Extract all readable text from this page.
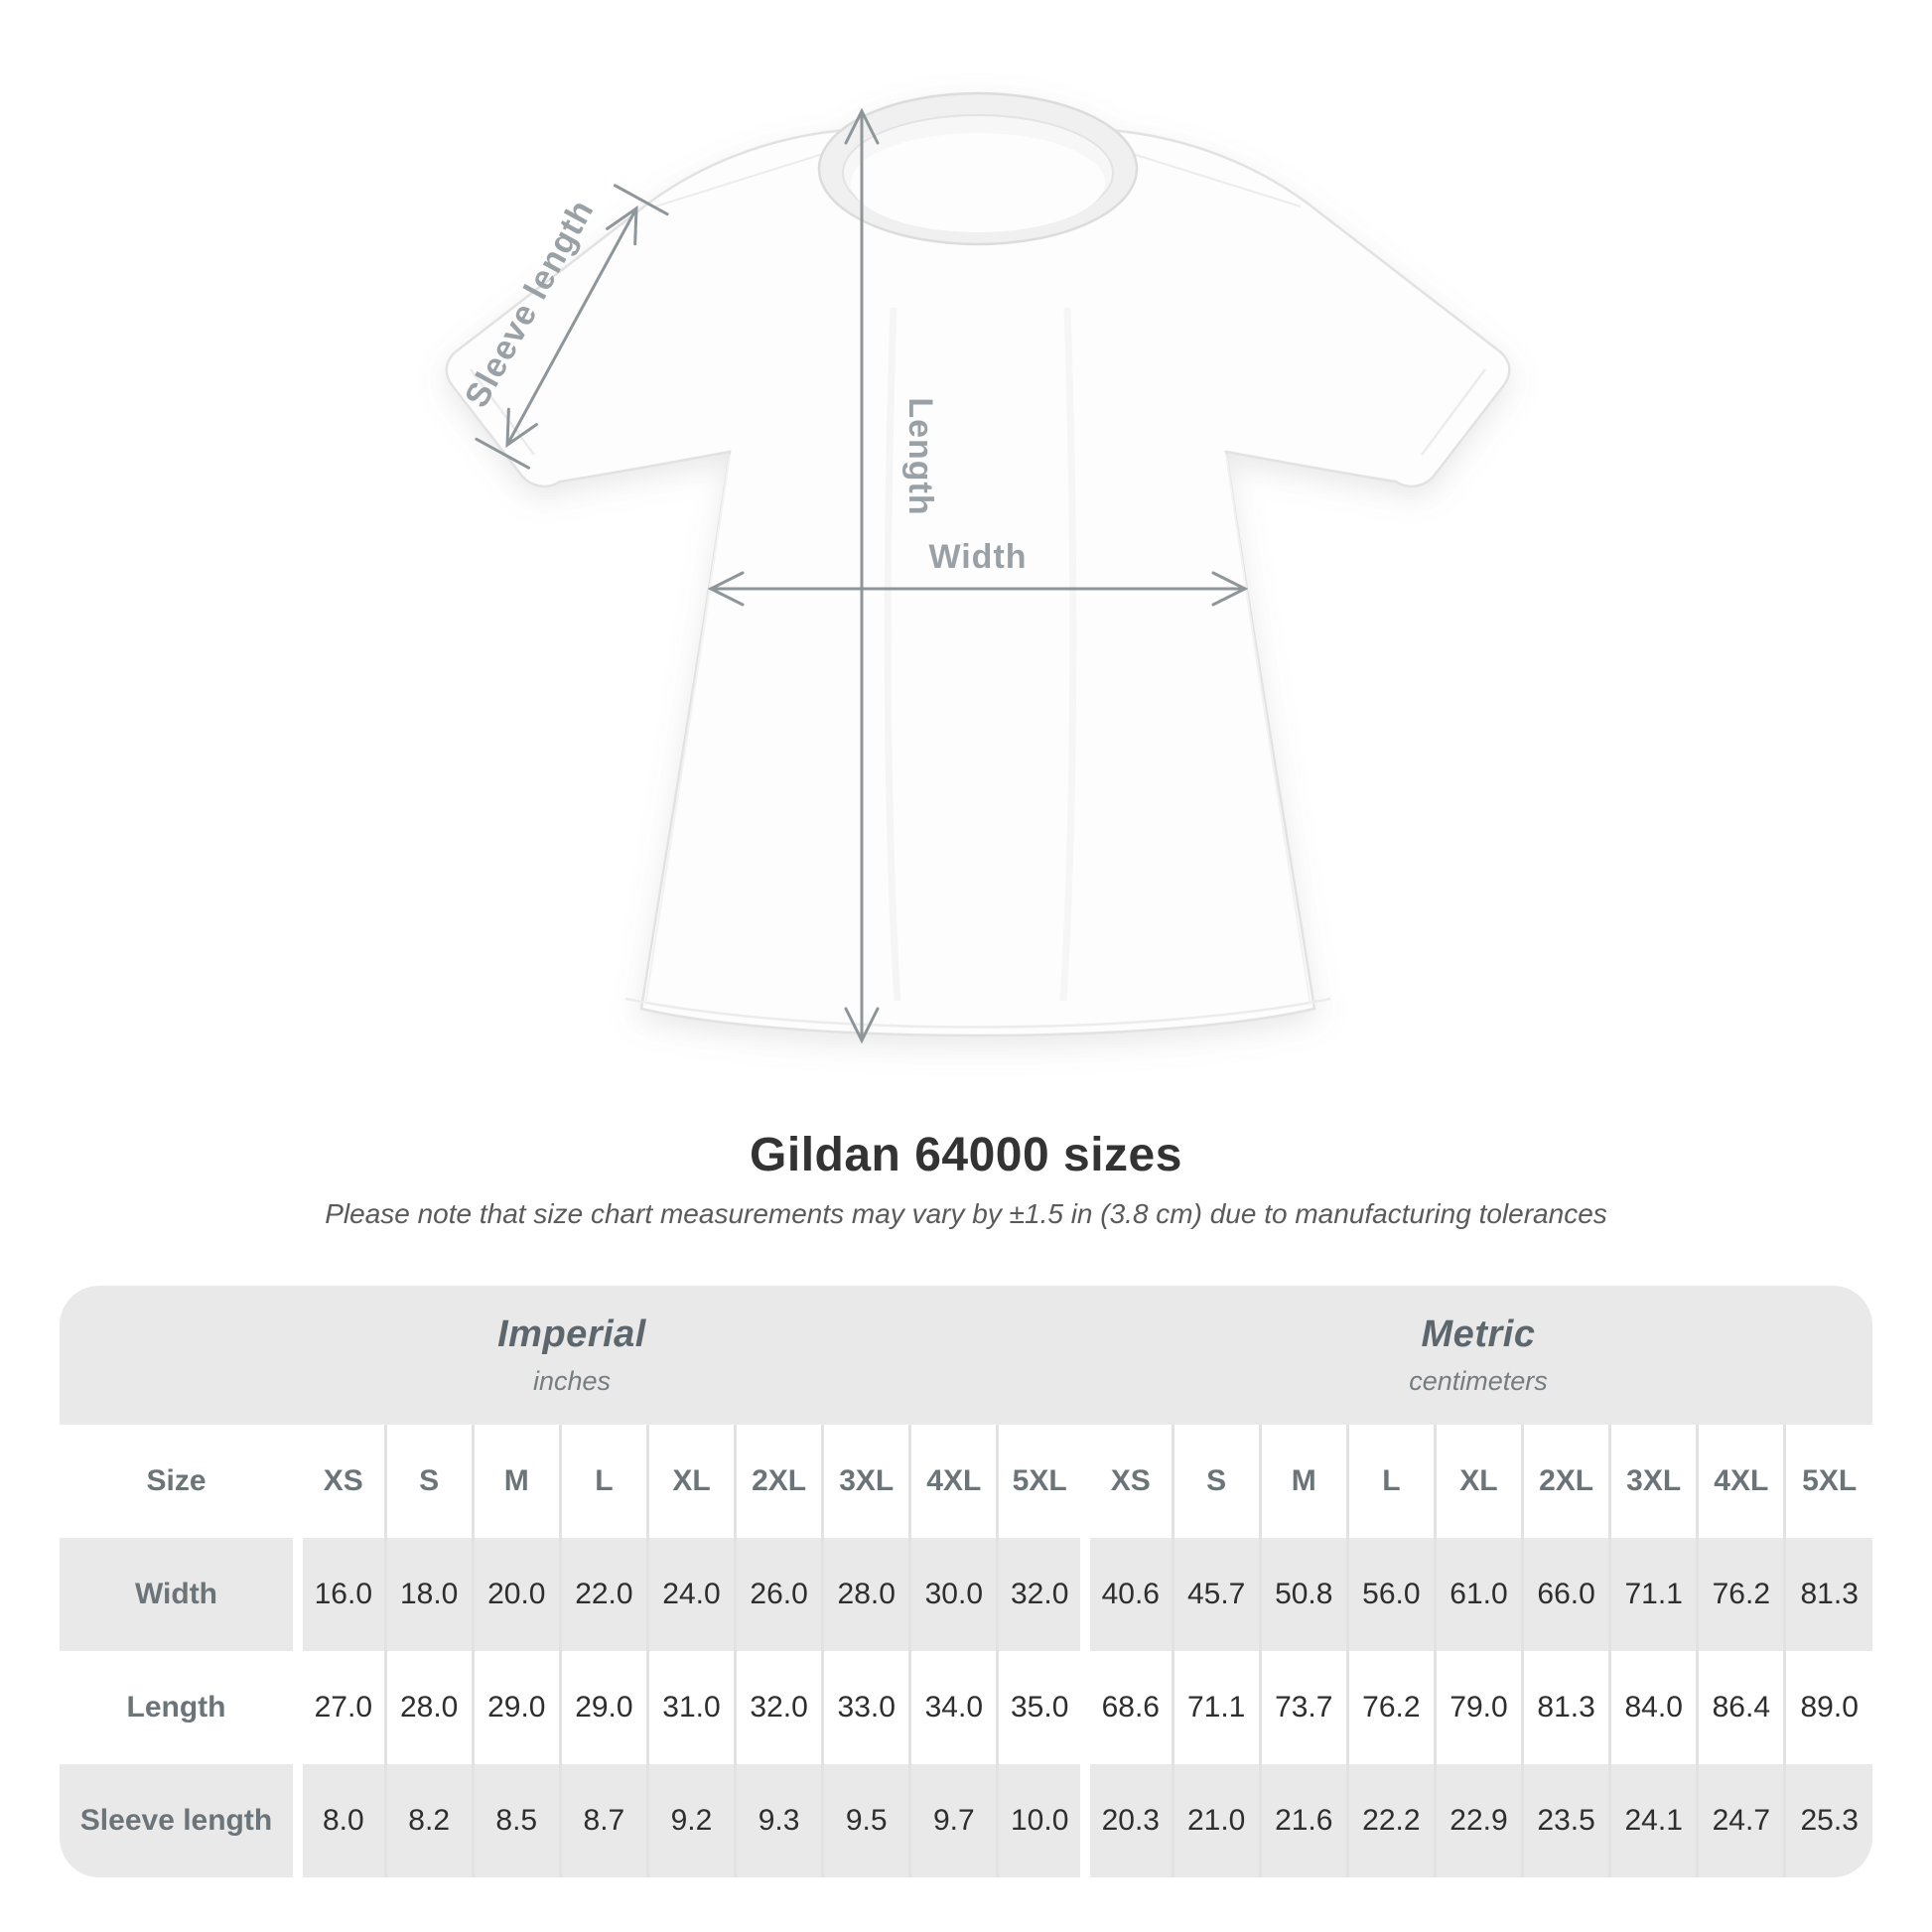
Length
Width
Sleeve length
Gildan 64000 sizes

Please note that size chart measurements may vary by ±1.5 in (3.8 cm) due to manufacturing tolerances

Imperial
inches
Metric
centimeters
Size	XS	S	M	L	XL	2XL	3XL	4XL	5XL	XS	S	M	L	XL	2XL	3XL	4XL	5XL
Width	16.0	18.0	20.0	22.0	24.0	26.0	28.0	30.0	32.0	40.6	45.7	50.8	56.0	61.0	66.0	71.1	76.2	81.3
Length	27.0	28.0	29.0	29.0	31.0	32.0	33.0	34.0	35.0	68.6	71.1	73.7	76.2	79.0	81.3	84.0	86.4	89.0
Sleeve length	8.0	8.2	8.5	8.7	9.2	9.3	9.5	9.7	10.0	20.3	21.0	21.6	22.2	22.9	23.5	24.1	24.7	25.3
